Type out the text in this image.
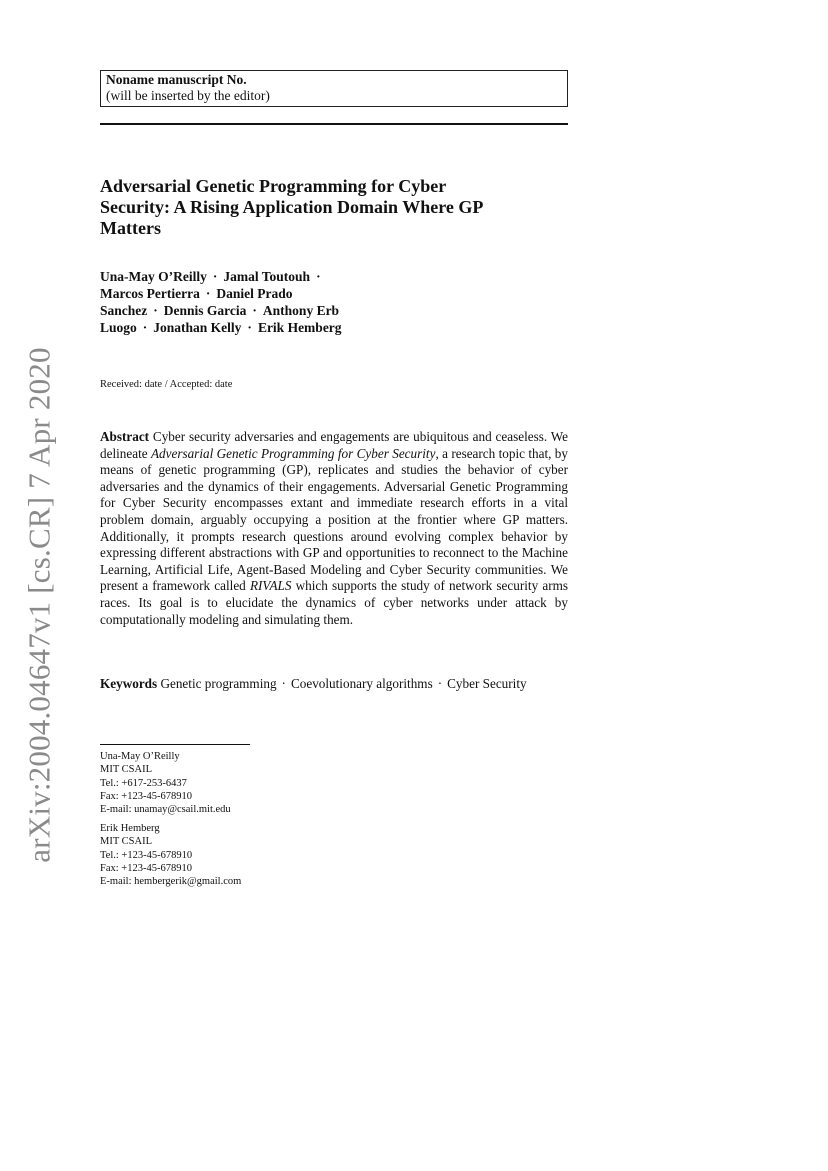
arXiv:2004.04647v1 [cs.CR] 7 Apr 2020
Noname manuscript No.
(will be inserted by the editor)
Adversarial Genetic Programming for Cyber
Security: A Rising Application Domain Where GP
Matters
Una-May O’Reilly · Jamal Toutouh ·
Marcos Pertierra · Daniel Prado
Sanchez · Dennis Garcia · Anthony Erb
Luogo · Jonathan Kelly · Erik Hemberg
Received: date / Accepted: date

Abstract Cyber security adversaries and engagements are ubiquitous and ceaseless. We delineate Adversarial Genetic Programming for Cyber Security, a research topic that, by means of genetic programming (GP), replicates and studies the behavior of cyber adversaries and the dynamics of their engagements. Adversarial Genetic Programming for Cyber Security encompasses extant and immediate research efforts in a vital problem domain, arguably occupying a position at the frontier where GP matters. Additionally, it prompts research questions around evolving complex behavior by expressing different abstractions with GP and opportunities to reconnect to the Machine Learning, Artificial Life, Agent-Based Modeling and Cyber Security communities. We present a framework called RIVALS which supports the study of network security arms races. Its goal is to elucidate the dynamics of cyber networks under attack by computationally modeling and simulating them.

Keywords Genetic programming · Coevolutionary algorithms · Cyber Security
Una-May O’Reilly
MIT CSAIL
Tel.: +617-253-6437
Fax: +123-45-678910
E-mail: unamay@csail.mit.edu
Erik Hemberg
MIT CSAIL
Tel.: +123-45-678910
Fax: +123-45-678910
E-mail: hembergerik@gmail.com
